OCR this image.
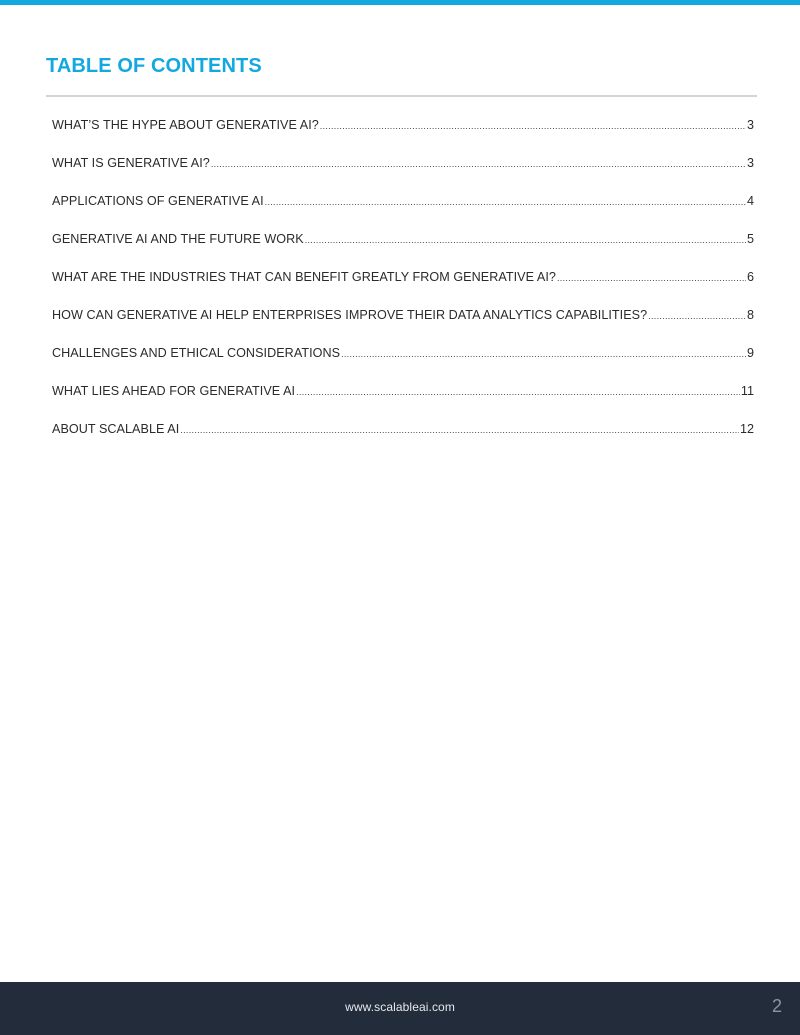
TABLE OF CONTENTS
WHAT’S THE HYPE ABOUT GENERATIVE AI? .....	3
WHAT IS GENERATIVE AI? .....	3
APPLICATIONS OF GENERATIVE AI .....	4
GENERATIVE AI AND THE FUTURE WORK .....	5
WHAT ARE THE INDUSTRIES THAT CAN BENEFIT GREATLY FROM GENERATIVE AI? .....	6
HOW CAN GENERATIVE AI HELP ENTERPRISES IMPROVE THEIR DATA ANALYTICS CAPABILITIES? .....	8
CHALLENGES AND ETHICAL CONSIDERATIONS .....	9
WHAT LIES AHEAD FOR GENERATIVE AI .....	11
ABOUT SCALABLE AI .....	12
www.scalableai.com	2
